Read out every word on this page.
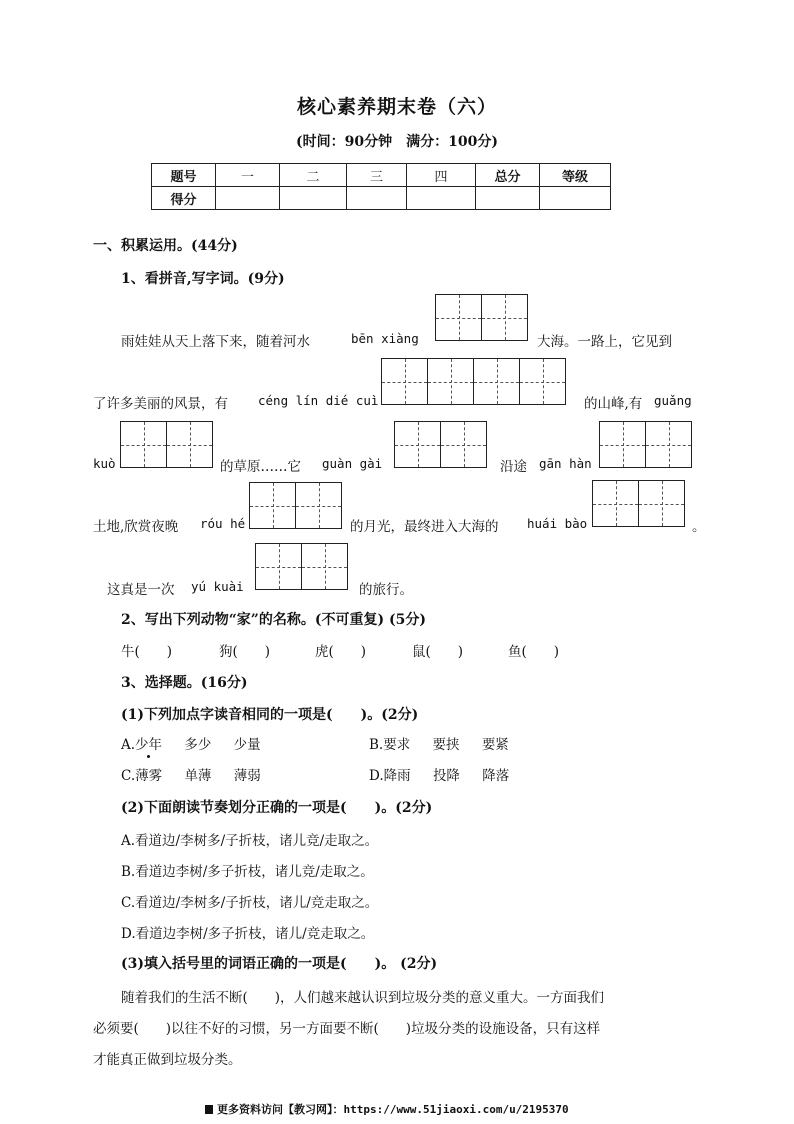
核心素养期末卷（六）
(时间：90分钟　满分：100分)
题号	一	二	三	四	总分	等级
得分						
一、积累运用。(44分)
1、看拼音,写字词。(9分)
雨娃娃从天上落下来，随着河水	bēn xiàng	大海。一路上，它见到
了许多美丽的风景，有 céng lín dié cuì	的山峰,有 guǎng
kuò	的草原……它 guàn gài	沿途 gān hàn
土地,欣赏夜晚 róu hé	的月光，最终进入大海的 huái bào	。
这真是一次 yú kuài	的旅行。
2、写出下列动物“家”的名称。(不可重复) (5分)
牛(　　)	狗(　　)	虎(　　)	鼠(　　)	鱼(　　)
3、选择题。(16分)
(1)下列加点字读音相同的一项是(　　)。(2分)
A.少年 多少 少量	B.要求 要挟 要紧
C.薄雾 单薄 薄弱	D.降雨 投降 降落
(2)下面朗读节奏划分正确的一项是(　　)。(2分)
A.看道边/李树多/子折枝，诸儿竞/走取之。
B.看道边李树/多子折枝，诸儿竞/走取之。
C.看道边/李树多/子折枝，诸儿/竞走取之。
D.看道边李树/多子折枝，诸儿/竞走取之。
(3)填入括号里的词语正确的一项是(　　)。 (2分)
随着我们的生活不断(　　)，人们越来越认识到垃圾分类的意义重大。一方面我们
必须要(　　)以往不好的习惯，另一方面要不断(　　)垃圾分类的设施设备，只有这样
才能真正做到垃圾分类。
更多资料访问【教习网】：https://www.51jiaoxi.com/u/2195370
